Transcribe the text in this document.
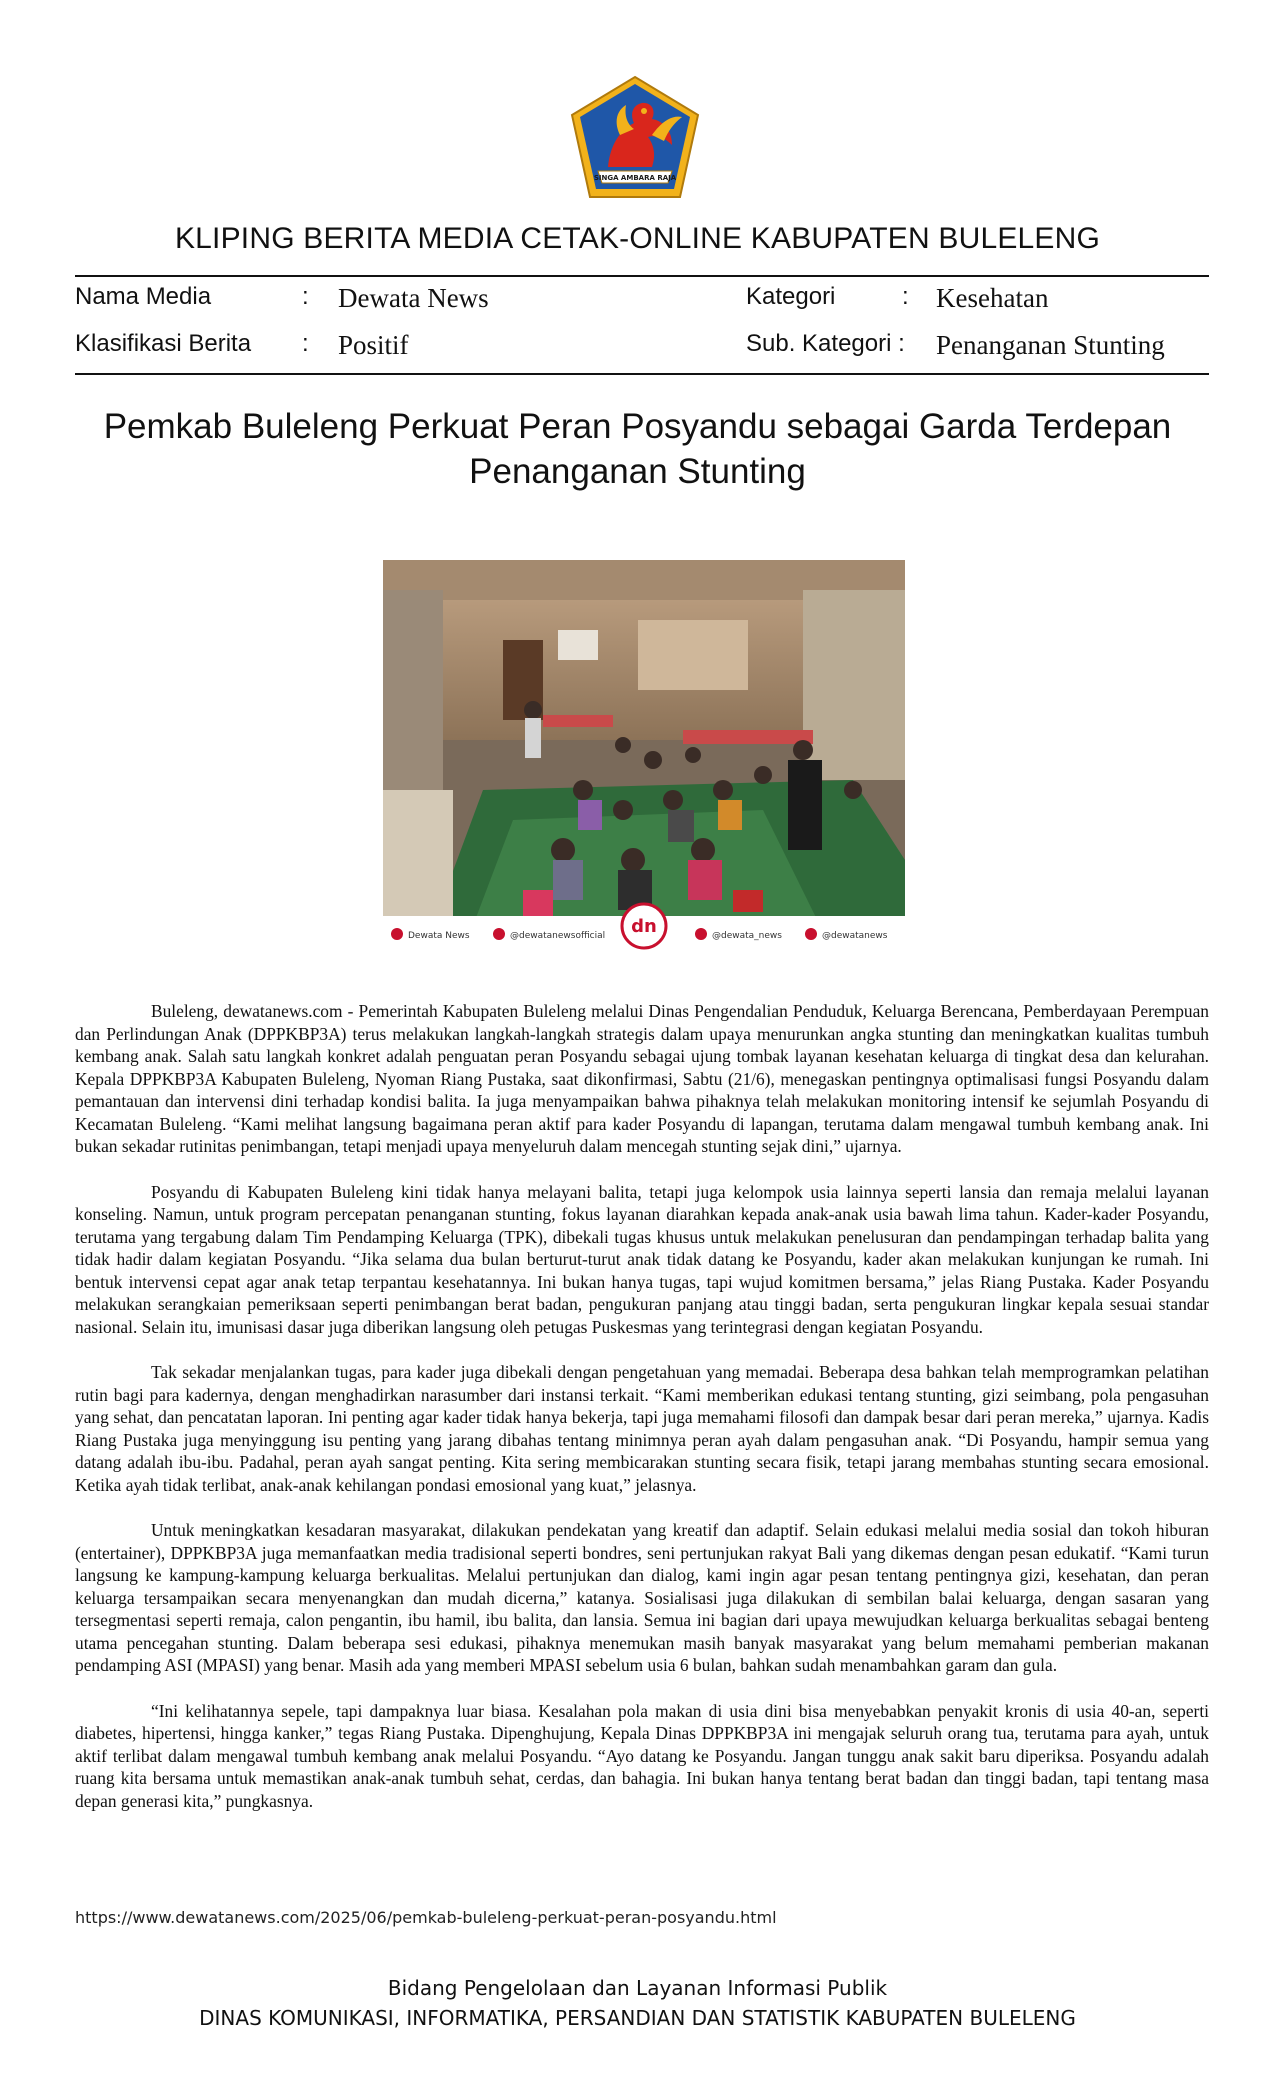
SINGA AMBARA RAJA
KLIPING BERITA MEDIA CETAK-ONLINE KABUPATEN BULELENG
Nama Media	: Dewata News	Kategori	: Kesehatan
Klasifikasi Berita : Positif	Sub. Kategori : Penanganan Stunting
Pemkab Buleleng Perkuat Peran Posyandu sebagai Garda Terdepan
Penanganan Stunting
Dewata News	@dewatanewsofficial dn	@dewata_news	@dewatanews

Buleleng, dewatanews.com - Pemerintah Kabupaten Buleleng melalui Dinas Pengendalian Penduduk, Keluarga Berencana, Pemberdayaan Perempuan dan Perlindungan Anak (DPPKBP3A) terus melakukan langkah-langkah strategis dalam upaya menurunkan angka stunting dan meningkatkan kualitas tumbuh kembang anak. Salah satu langkah konkret adalah penguatan peran Posyandu sebagai ujung tombak layanan kesehatan keluarga di tingkat desa dan kelurahan. Kepala DPPKBP3A Kabupaten Buleleng, Nyoman Riang Pustaka, saat dikonfirmasi, Sabtu (21/6), menegaskan pentingnya optimalisasi fungsi Posyandu dalam pemantauan dan intervensi dini terhadap kondisi balita. Ia juga menyampaikan bahwa pihaknya telah melakukan monitoring intensif ke sejumlah Posyandu di Kecamatan Buleleng. “Kami melihat langsung bagaimana peran aktif para kader Posyandu di lapangan, terutama dalam mengawal tumbuh kembang anak. Ini bukan sekadar rutinitas penimbangan, tetapi menjadi upaya menyeluruh dalam mencegah stunting sejak dini,” ujarnya.

Posyandu di Kabupaten Buleleng kini tidak hanya melayani balita, tetapi juga kelompok usia lainnya seperti lansia dan remaja melalui layanan konseling. Namun, untuk program percepatan penanganan stunting, fokus layanan diarahkan kepada anak-anak usia bawah lima tahun. Kader-kader Posyandu, terutama yang tergabung dalam Tim Pendamping Keluarga (TPK), dibekali tugas khusus untuk melakukan penelusuran dan pendampingan terhadap balita yang tidak hadir dalam kegiatan Posyandu. “Jika selama dua bulan berturut-turut anak tidak datang ke Posyandu, kader akan melakukan kunjungan ke rumah. Ini bentuk intervensi cepat agar anak tetap terpantau kesehatannya. Ini bukan hanya tugas, tapi wujud komitmen bersama,” jelas Riang Pustaka. Kader Posyandu melakukan serangkaian pemeriksaan seperti penimbangan berat badan, pengukuran panjang atau tinggi badan, serta pengukuran lingkar kepala sesuai standar nasional. Selain itu, imunisasi dasar juga diberikan langsung oleh petugas Puskesmas yang terintegrasi dengan kegiatan Posyandu.

Tak sekadar menjalankan tugas, para kader juga dibekali dengan pengetahuan yang memadai. Beberapa desa bahkan telah memprogramkan pelatihan rutin bagi para kadernya, dengan menghadirkan narasumber dari instansi terkait. “Kami memberikan edukasi tentang stunting, gizi seimbang, pola pengasuhan yang sehat, dan pencatatan laporan. Ini penting agar kader tidak hanya bekerja, tapi juga memahami filosofi dan dampak besar dari peran mereka,” ujarnya. Kadis Riang Pustaka juga menyinggung isu penting yang jarang dibahas tentang minimnya peran ayah dalam pengasuhan anak. “Di Posyandu, hampir semua yang datang adalah ibu-ibu. Padahal, peran ayah sangat penting. Kita sering membicarakan stunting secara fisik, tetapi jarang membahas stunting secara emosional. Ketika ayah tidak terlibat, anak-anak kehilangan pondasi emosional yang kuat,” jelasnya.

Untuk meningkatkan kesadaran masyarakat, dilakukan pendekatan yang kreatif dan adaptif. Selain edukasi melalui media sosial dan tokoh hiburan (entertainer), DPPKBP3A juga memanfaatkan media tradisional seperti bondres, seni pertunjukan rakyat Bali yang dikemas dengan pesan edukatif. “Kami turun langsung ke kampung-kampung keluarga berkualitas. Melalui pertunjukan dan dialog, kami ingin agar pesan tentang pentingnya gizi, kesehatan, dan peran keluarga tersampaikan secara menyenangkan dan mudah dicerna,” katanya. Sosialisasi juga dilakukan di sembilan balai keluarga, dengan sasaran yang tersegmentasi seperti remaja, calon pengantin, ibu hamil, ibu balita, dan lansia. Semua ini bagian dari upaya mewujudkan keluarga berkualitas sebagai benteng utama pencegahan stunting. Dalam beberapa sesi edukasi, pihaknya menemukan masih banyak masyarakat yang belum memahami pemberian makanan pendamping ASI (MPASI) yang benar. Masih ada yang memberi MPASI sebelum usia 6 bulan, bahkan sudah menambahkan garam dan gula.

“Ini kelihatannya sepele, tapi dampaknya luar biasa. Kesalahan pola makan di usia dini bisa menyebabkan penyakit kronis di usia 40-an, seperti diabetes, hipertensi, hingga kanker,” tegas Riang Pustaka. Dipenghujung, Kepala Dinas DPPKBP3A ini mengajak seluruh orang tua, terutama para ayah, untuk aktif terlibat dalam mengawal tumbuh kembang anak melalui Posyandu. “Ayo datang ke Posyandu. Jangan tunggu anak sakit baru diperiksa. Posyandu adalah ruang kita bersama untuk memastikan anak-anak tumbuh sehat, cerdas, dan bahagia. Ini bukan hanya tentang berat badan dan tinggi badan, tapi tentang masa depan generasi kita,” pungkasnya.

https://www.dewatanews.com/2025/06/pemkab-buleleng-perkuat-peran-posyandu.html
Bidang Pengelolaan dan Layanan Informasi Publik
DINAS KOMUNIKASI, INFORMATIKA, PERSANDIAN DAN STATISTIK KABUPATEN BULELENG
